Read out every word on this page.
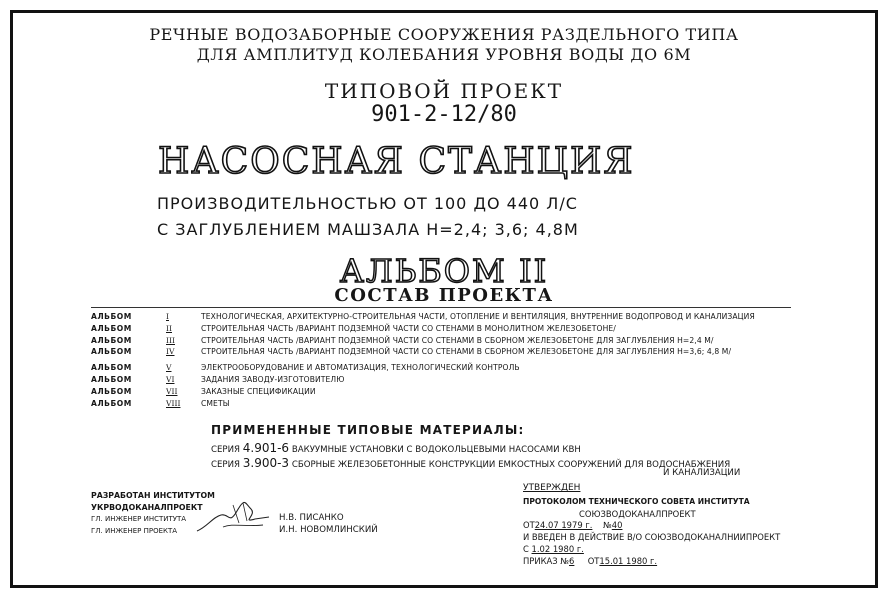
РЕЧНЫЕ ВОДОЗАБОРНЫЕ СООРУЖЕНИЯ РАЗДЕЛЬНОГО ТИПА
ДЛЯ АМПЛИТУД КОЛЕБАНИЯ УРОВНЯ ВОДЫ ДО 6М
ТИПОВОЙ ПРОЕКТ
901-2-12/80
НАСОСНАЯ СТАНЦИЯ
ПРОИЗВОДИТЕЛЬНОСТЬЮ ОТ 100 ДО 440 Л/С
С ЗАГЛУБЛЕНИЕМ МАШЗАЛА Н=2,4; 3,6; 4,8М
АЛЬБОМ II
СОСТАВ ПРОЕКТА
АЛЬБОМ	I	ТЕХНОЛОГИЧЕСКАЯ, АРХИТЕКТУРНО-СТРОИТЕЛЬНАЯ ЧАСТИ, ОТОПЛЕНИЕ И ВЕНТИЛЯЦИЯ, ВНУТРЕННИЕ ВОДОПРОВОД И КАНАЛИЗАЦИЯ
АЛЬБОМ	II	СТРОИТЕЛЬНАЯ ЧАСТЬ /ВАРИАНТ ПОДЗЕМНОЙ ЧАСТИ СО СТЕНАМИ В МОНОЛИТНОМ ЖЕЛЕЗОБЕТОНЕ/
АЛЬБОМ	III	СТРОИТЕЛЬНАЯ ЧАСТЬ /ВАРИАНТ ПОДЗЕМНОЙ ЧАСТИ СО СТЕНАМИ В СБОРНОМ ЖЕЛЕЗОБЕТОНЕ ДЛЯ ЗАГЛУБЛЕНИЯ Н=2,4 М/
АЛЬБОМ	IV	СТРОИТЕЛЬНАЯ ЧАСТЬ /ВАРИАНТ ПОДЗЕМНОЙ ЧАСТИ СО СТЕНАМИ В СБОРНОМ ЖЕЛЕЗОБЕТОНЕ ДЛЯ ЗАГЛУБЛЕНИЯ Н=3,6; 4,8 М/
АЛЬБОМ	V	ЭЛЕКТРООБОРУДОВАНИЕ И АВТОМАТИЗАЦИЯ, ТЕХНОЛОГИЧЕСКИЙ КОНТРОЛЬ
АЛЬБОМ	VI	ЗАДАНИЯ ЗАВОДУ-ИЗГОТОВИТЕЛЮ
АЛЬБОМ	VII	ЗАКАЗНЫЕ СПЕЦИФИКАЦИИ
АЛЬБОМ	VIII	СМЕТЫ
ПРИМЕНЕННЫЕ ТИПОВЫЕ МАТЕРИАЛЫ:
СЕРИЯ 4.901-6 ВАКУУМНЫЕ УСТАНОВКИ С ВОДОКОЛЬЦЕВЫМИ НАСОСАМИ КВН
СЕРИЯ 3.900-3 СБОРНЫЕ ЖЕЛЕЗОБЕТОННЫЕ КОНСТРУКЦИИ ЕМКОСТНЫХ СООРУЖЕНИЙ ДЛЯ ВОДОСНАБЖЕНИЯ
И КАНАЛИЗАЦИИ
РАЗРАБОТАН ИНСТИТУТОМ
УКРВОДОКАНАЛПРОЕКТ
ГЛ. ИНЖЕНЕР ИНСТИТУТА
ГЛ. ИНЖЕНЕР ПРОЕКТА
Н.В. ПИСАНКО
И.Н. НОВОМЛИНСКИЙ
УТВЕРЖДЕН
ПРОТОКОЛОМ ТЕХНИЧЕСКОГО СОВЕТА ИНСТИТУТА
СОЮЗВОДОКАНАЛПРОЕКТ
ОТ24.07 1979 г. №40
И ВВЕДЕН В ДЕЙСТВИЕ В/О СОЮЗВОДОКАНАЛНИИПРОЕКТ
С 1.02 1980 г.
ПРИКАЗ №6 ОТ15.01 1980 г.
